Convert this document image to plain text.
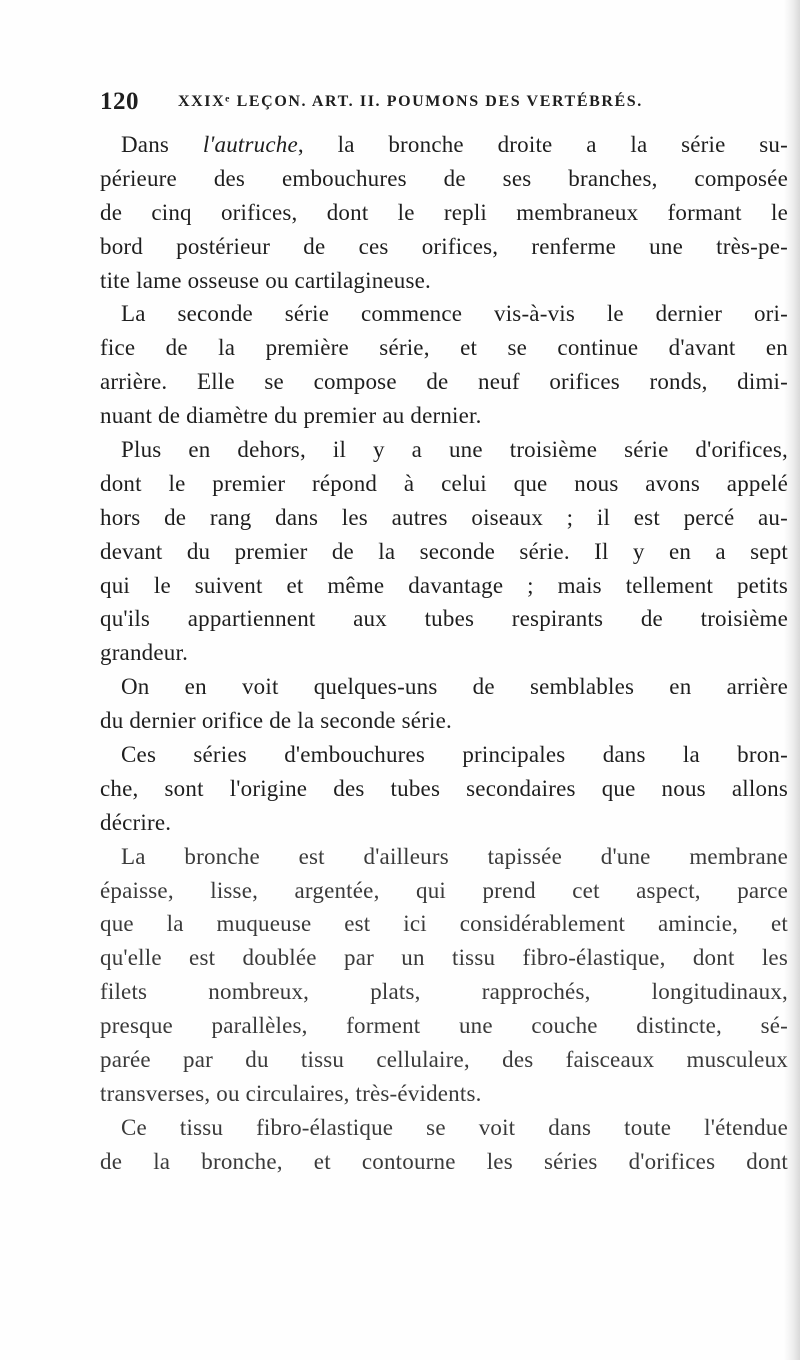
120 XXIXᵉ LEÇON. ART. II. POUMONS DES VERTÉBRÉS.
Dans l'autruche, la bronche droite a la série su-
périeure des embouchures de ses branches, composée
de cinq orifices, dont le repli membraneux formant le
bord postérieur de ces orifices, renferme une très-pe-
tite lame osseuse ou cartilagineuse.
La seconde série commence vis-à-vis le dernier ori-
fice de la première série, et se continue d'avant en
arrière. Elle se compose de neuf orifices ronds, dimi-
nuant de diamètre du premier au dernier.
Plus en dehors, il y a une troisième série d'orifices,
dont le premier répond à celui que nous avons appelé
hors de rang dans les autres oiseaux ; il est percé au-
devant du premier de la seconde série. Il y en a sept
qui le suivent et même davantage ; mais tellement petits
qu'ils appartiennent aux tubes respirants de troisième
grandeur.
On en voit quelques-uns de semblables en arrière
du dernier orifice de la seconde série.
Ces séries d'embouchures principales dans la bron-
che, sont l'origine des tubes secondaires que nous allons
décrire.
La bronche est d'ailleurs tapissée d'une membrane
épaisse, lisse, argentée, qui prend cet aspect, parce
que la muqueuse est ici considérablement amincie, et
qu'elle est doublée par un tissu fibro-élastique, dont les
filets nombreux, plats, rapprochés, longitudinaux,
presque parallèles, forment une couche distincte, sé-
parée par du tissu cellulaire, des faisceaux musculeux
transverses, ou circulaires, très-évidents.
Ce tissu fibro-élastique se voit dans toute l'étendue
de la bronche, et contourne les séries d'orifices dont
